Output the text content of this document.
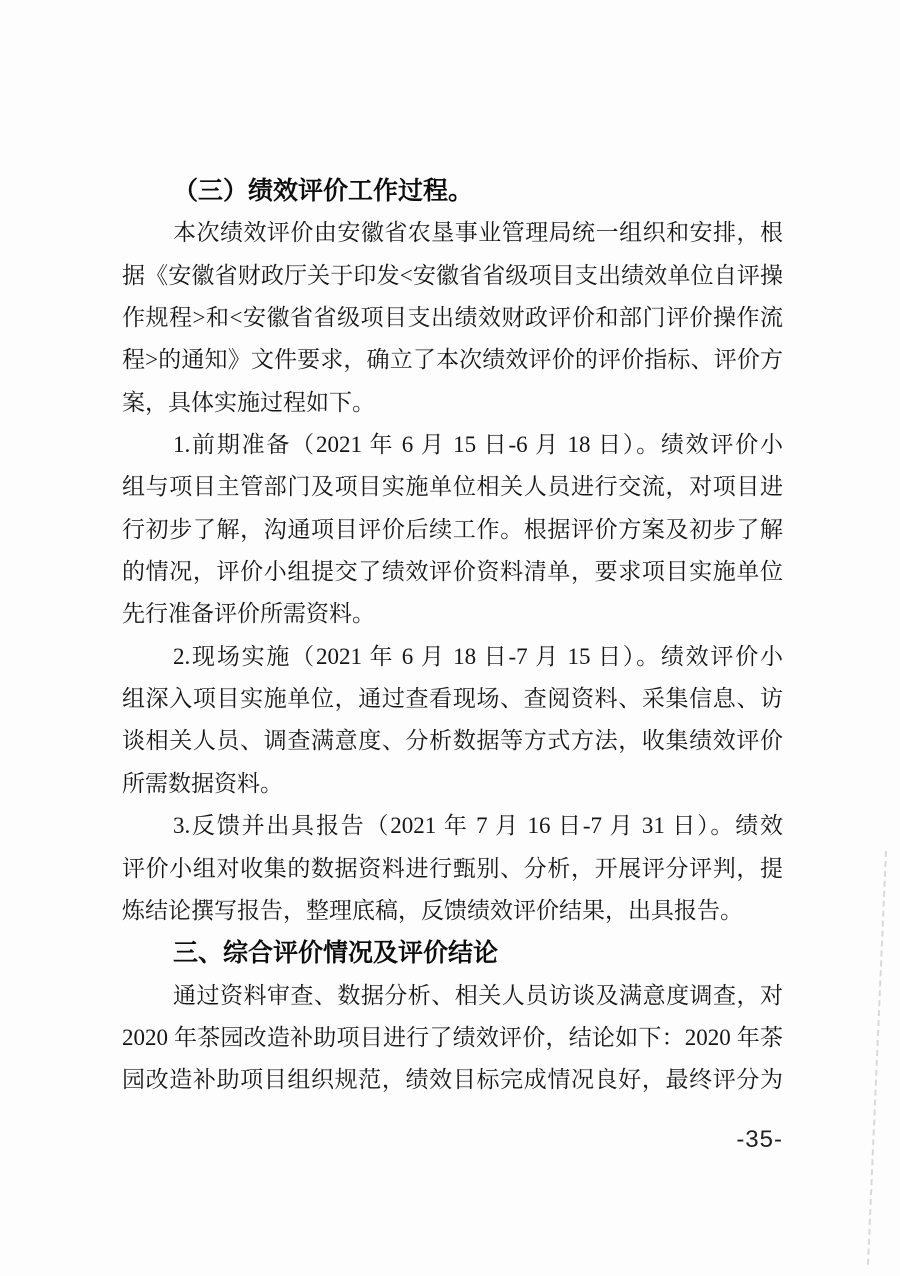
（三）绩效评价工作过程。
本次绩效评价由安徽省农垦事业管理局统一组织和安排，根
据《安徽省财政厅关于印发<安徽省省级项目支出绩效单位自评操
作规程>和<安徽省省级项目支出绩效财政评价和部门评价操作流
程>的通知》文件要求，确立了本次绩效评价的评价指标、评价方
案，具体实施过程如下。
1.前期准备（2021 年 6 月 15 日-6 月 18 日）。绩效评价小
组与项目主管部门及项目实施单位相关人员进行交流，对项目进
行初步了解，沟通项目评价后续工作。根据评价方案及初步了解
的情况，评价小组提交了绩效评价资料清单，要求项目实施单位
先行准备评价所需资料。
2.现场实施（2021 年 6 月 18 日-7 月 15 日）。绩效评价小
组深入项目实施单位，通过查看现场、查阅资料、采集信息、访
谈相关人员、调查满意度、分析数据等方式方法，收集绩效评价
所需数据资料。
3.反馈并出具报告（2021 年 7 月 16 日-7 月 31 日）。绩效
评价小组对收集的数据资料进行甄别、分析，开展评分评判，提
炼结论撰写报告，整理底稿，反馈绩效评价结果，出具报告。
三、综合评价情况及评价结论
通过资料审查、数据分析、相关人员访谈及满意度调查，对
2020 年茶园改造补助项目进行了绩效评价，结论如下：2020 年茶
园改造补助项目组织规范，绩效目标完成情况良好，最终评分为
-35-
